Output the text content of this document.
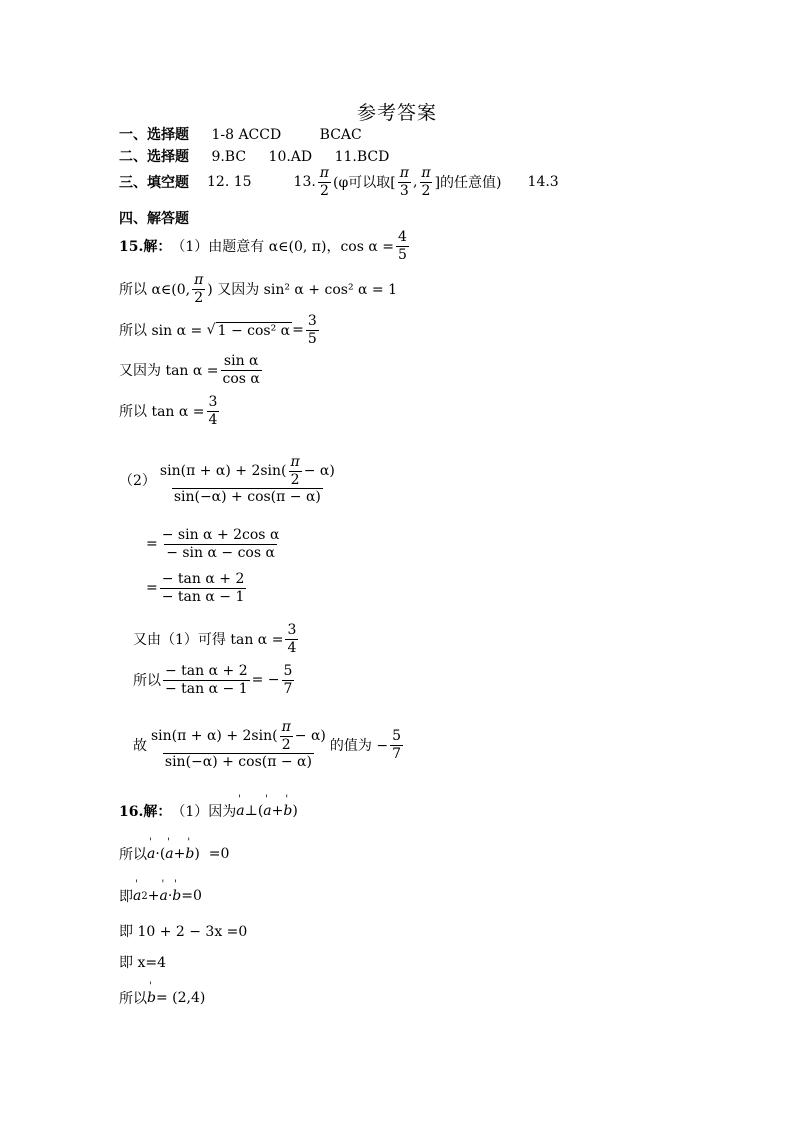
参考答案
一、选择题 1-8 ACCD	BCAC
二、选择题 9.BC 10.AD 11.BCD
三、填空题 12. 15	13. $\frac{\pi}{2} (\varphi$可以取[ $\frac{\pi}{3}$ , $\frac{\pi}{2}$ ]的任意值) 14.3
四、解答题
15.解： （1）由题意有 α∈(0, π)，$\cos \alpha = \frac{4}{5}$
所以 α∈(0, $\frac{\pi}{2}$ ) 又因为 sin² α + cos² α = 1
所以 sin α = √ 1 − cos² $\alpha = \frac{3}{5}$
又因为 $\tan \alpha = \frac{\text{sin α}}{\text{cos α}}$
所以 $\tan \alpha = \frac{3}{4}$
$(2) \frac{\sin(\pi + \alpha) + 2\sin( \frac{\pi}{2} - \alpha)}{\sin(-\alpha) + \cos(\pi - \alpha)}$
= $\frac{\text{− sin α + 2cos α}}{\text{− sin α − cos α}}$
= $\frac{\text{− tan α + 2}}{\text{− tan α − 1}}$
又由（1）可得 $\tan \alpha = \frac{3}{4}$
所以 $\frac{\text{− tan α + 2}}{\text{− tan α − 1}}$ = − $\frac{5}{7}$
故 $\frac{\sin(\pi + \alpha) + 2\sin( \frac{\pi}{2} - \alpha)}{\sin(-\alpha) + \cos(\pi - \alpha)}$ 的值为 − $\frac{5}{7}$
16.解： （1）因为 ' a ⊥ ( ' a + ' b )
所以 ' a · ( ' a + ' b ) =0
即 ' a 2 + ' a · ' b =0
即 10 + 2 − 3x =0
即 x=4
所以 ' b = (2,4)
